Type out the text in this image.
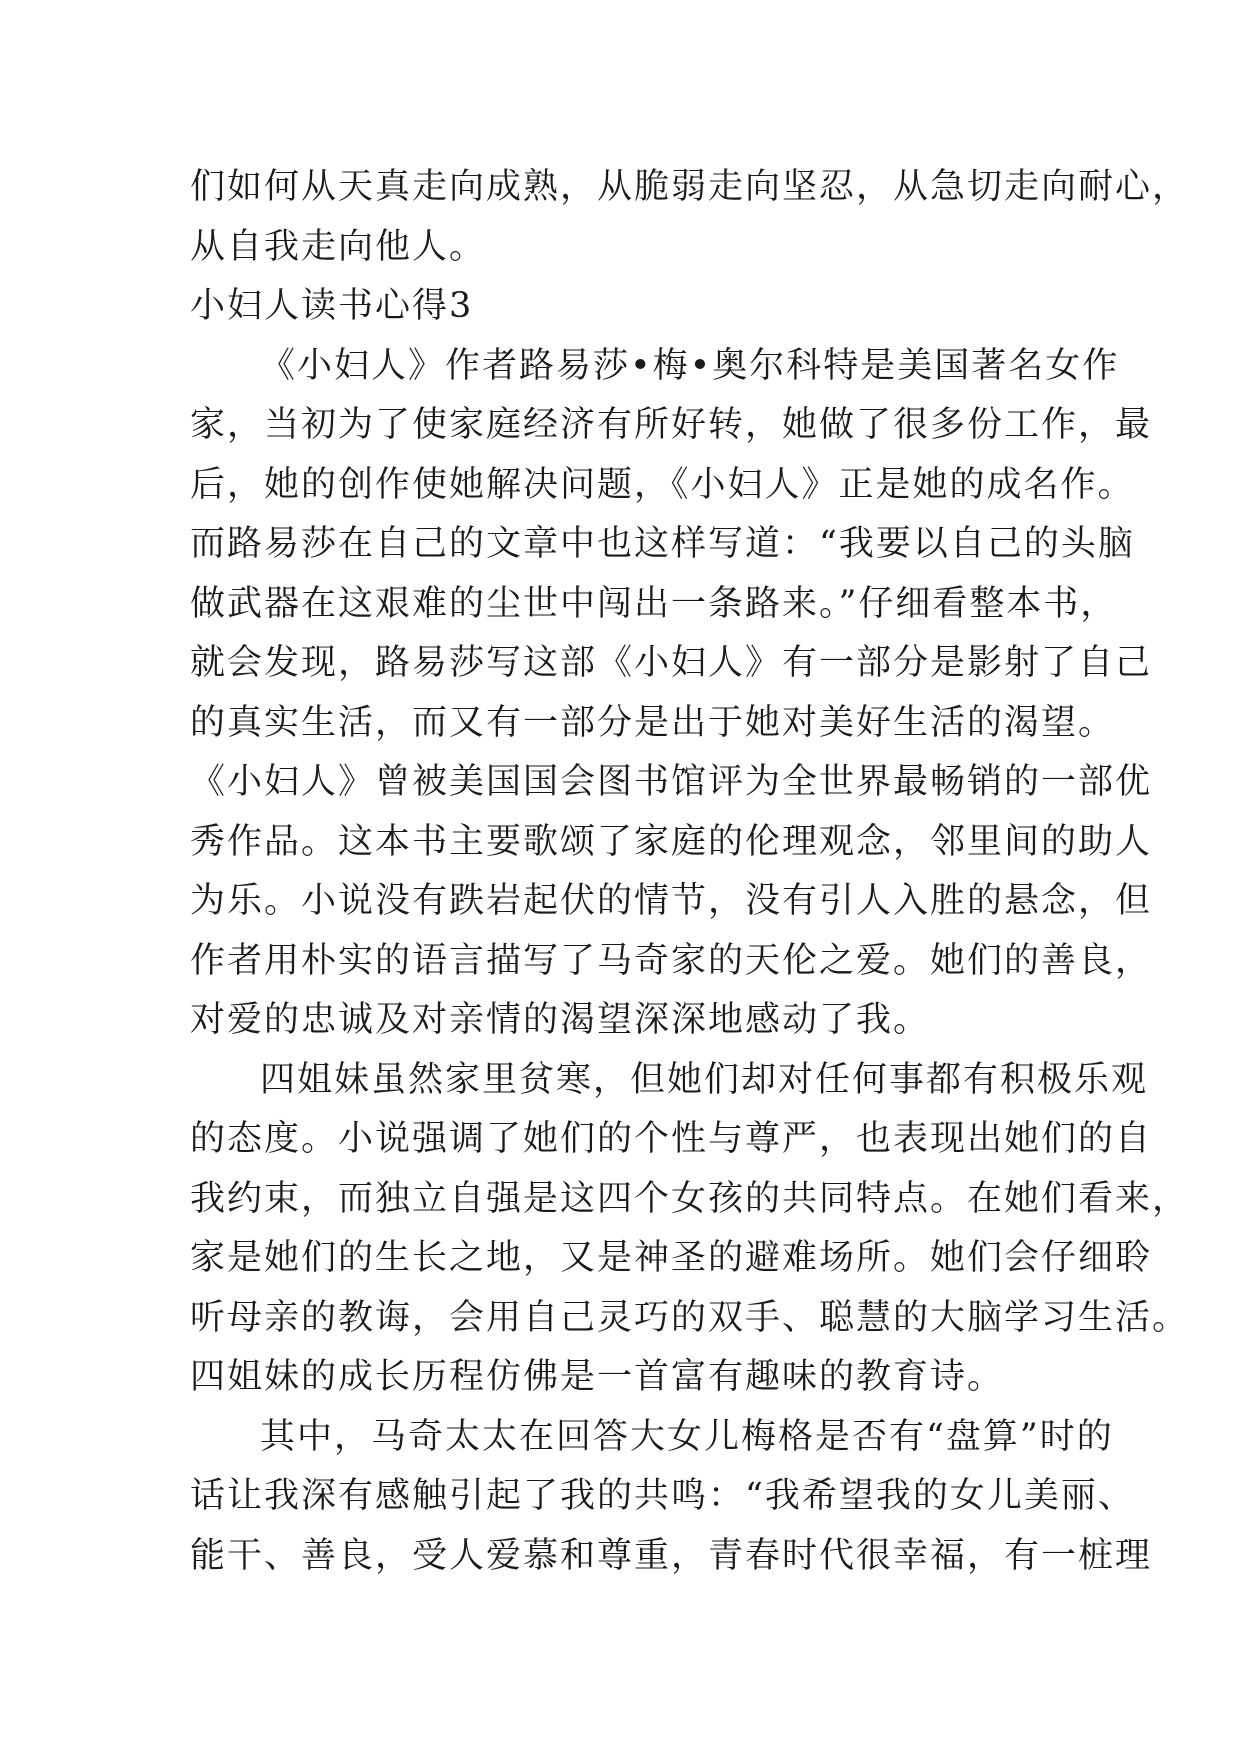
们如何从天真走向成熟，从脆弱走向坚忍，从急切走向耐心，
从自我走向他人。
小妇人读书心得3
《小妇人》作者路易莎•梅•奥尔科特是美国著名女作
家，当初为了使家庭经济有所好转，她做了很多份工作，最
后，她的创作使她解决问题，《小妇人》正是她的成名作。
而路易莎在自己的文章中也这样写道：“我要以自己的头脑
做武器在这艰难的尘世中闯出一条路来。”仔细看整本书，
就会发现，路易莎写这部《小妇人》有一部分是影射了自己
的真实生活，而又有一部分是出于她对美好生活的渴望。
《小妇人》曾被美国国会图书馆评为全世界最畅销的一部优
秀作品。这本书主要歌颂了家庭的伦理观念，邻里间的助人
为乐。小说没有跌岩起伏的情节，没有引人入胜的悬念，但
作者用朴实的语言描写了马奇家的天伦之爱。她们的善良，
对爱的忠诚及对亲情的渴望深深地感动了我。
四姐妹虽然家里贫寒，但她们却对任何事都有积极乐观
的态度。小说强调了她们的个性与尊严，也表现出她们的自
我约束，而独立自强是这四个女孩的共同特点。在她们看来，
家是她们的生长之地，又是神圣的避难场所。她们会仔细聆
听母亲的教诲，会用自己灵巧的双手、聪慧的大脑学习生活。
四姐妹的成长历程仿佛是一首富有趣味的教育诗。
其中，马奇太太在回答大女儿梅格是否有“盘算”时的
话让我深有感触引起了我的共鸣：“我希望我的女儿美丽、
能干、善良，受人爱慕和尊重，青春时代很幸福，有一桩理
